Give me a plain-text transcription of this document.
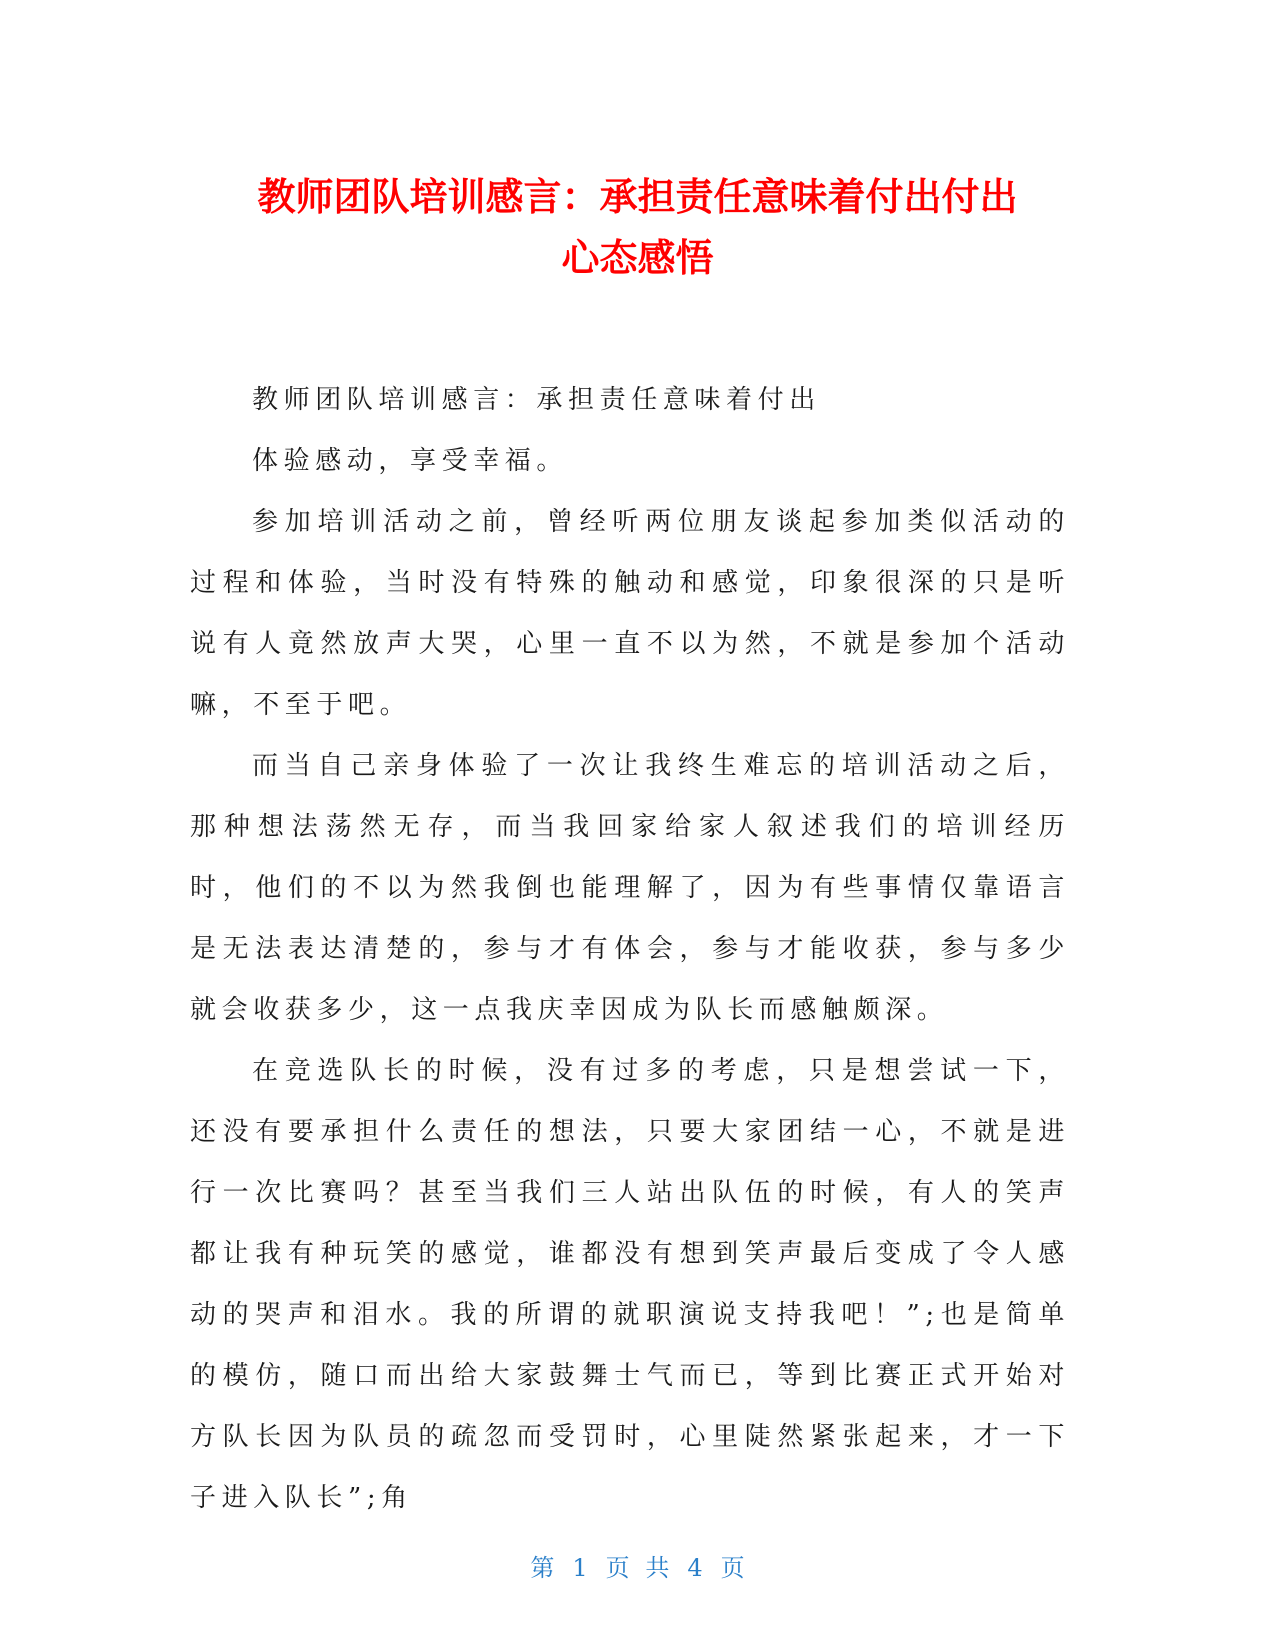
教师团队培训感言：承担责任意味着付出付出
心态感悟

教师团队培训感言：承担责任意味着付出

体验感动，享受幸福。

参加培训活动之前，曾经听两位朋友谈起参加类似活动的过程和体验，当时没有特殊的触动和感觉，印象很深的只是听说有人竟然放声大哭，心里一直不以为然，不就是参加个活动嘛，不至于吧。

而当自己亲身体验了一次让我终生难忘的培训活动之后，那种想法荡然无存，而当我回家给家人叙述我们的培训经历时，他们的不以为然我倒也能理解了，因为有些事情仅靠语言是无法表达清楚的，参与才有体会，参与才能收获，参与多少就会收获多少，这一点我庆幸因成为队长而感触颇深。

在竞选队长的时候，没有过多的考虑，只是想尝试一下，还没有要承担什么责任的想法，只要大家团结一心，不就是进行一次比赛吗？甚至当我们三人站出队伍的时候，有人的笑声都让我有种玩笑的感觉，谁都没有想到笑声最后变成了令人感动的哭声和泪水。我的所谓的就职演说支持我吧！”;也是简单的模仿，随口而出给大家鼓舞士气而已，等到比赛正式开始对方队长因为队员的疏忽而受罚时，心里陡然紧张起来，才一下子进入队长”;角

第 1 页 共 4 页
